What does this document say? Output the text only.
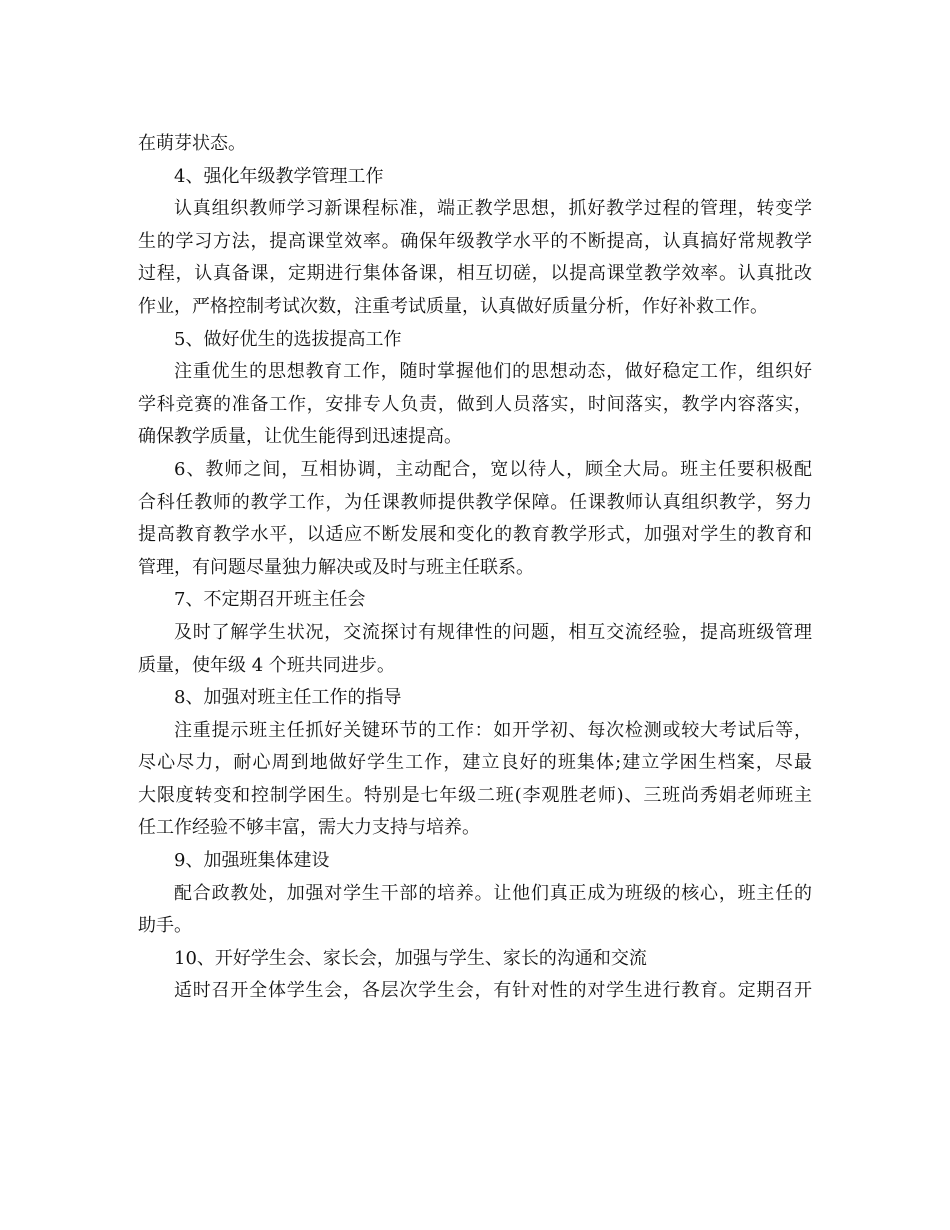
在萌芽状态。
4、强化年级教学管理工作
认真组织教师学习新课程标准，端正教学思想，抓好教学过程的管理，转变学
生的学习方法，提高课堂效率。确保年级教学水平的不断提高，认真搞好常规教学
过程，认真备课，定期进行集体备课，相互切磋，以提高课堂教学效率。认真批改
作业，严格控制考试次数，注重考试质量，认真做好质量分析，作好补救工作。
5、做好优生的选拔提高工作
注重优生的思想教育工作，随时掌握他们的思想动态，做好稳定工作，组织好
学科竞赛的准备工作，安排专人负责，做到人员落实，时间落实，教学内容落实，
确保教学质量，让优生能得到迅速提高。
6、教师之间，互相协调，主动配合，宽以待人，顾全大局。班主任要积极配
合科任教师的教学工作，为任课教师提供教学保障。任课教师认真组织教学，努力
提高教育教学水平，以适应不断发展和变化的教育教学形式，加强对学生的教育和
管理，有问题尽量独力解决或及时与班主任联系。
7、不定期召开班主任会
及时了解学生状况，交流探讨有规律性的问题，相互交流经验，提高班级管理
质量，使年级 4 个班共同进步。
8、加强对班主任工作的指导
注重提示班主任抓好关键环节的工作：如开学初、每次检测或较大考试后等，
尽心尽力，耐心周到地做好学生工作，建立良好的班集体;建立学困生档案，尽最
大限度转变和控制学困生。特别是七年级二班(李观胜老师)、三班尚秀娟老师班主
任工作经验不够丰富，需大力支持与培养。
9、加强班集体建设
配合政教处，加强对学生干部的培养。让他们真正成为班级的核心，班主任的
助手。
10、开好学生会、家长会，加强与学生、家长的沟通和交流
适时召开全体学生会，各层次学生会，有针对性的对学生进行教育。定期召开
